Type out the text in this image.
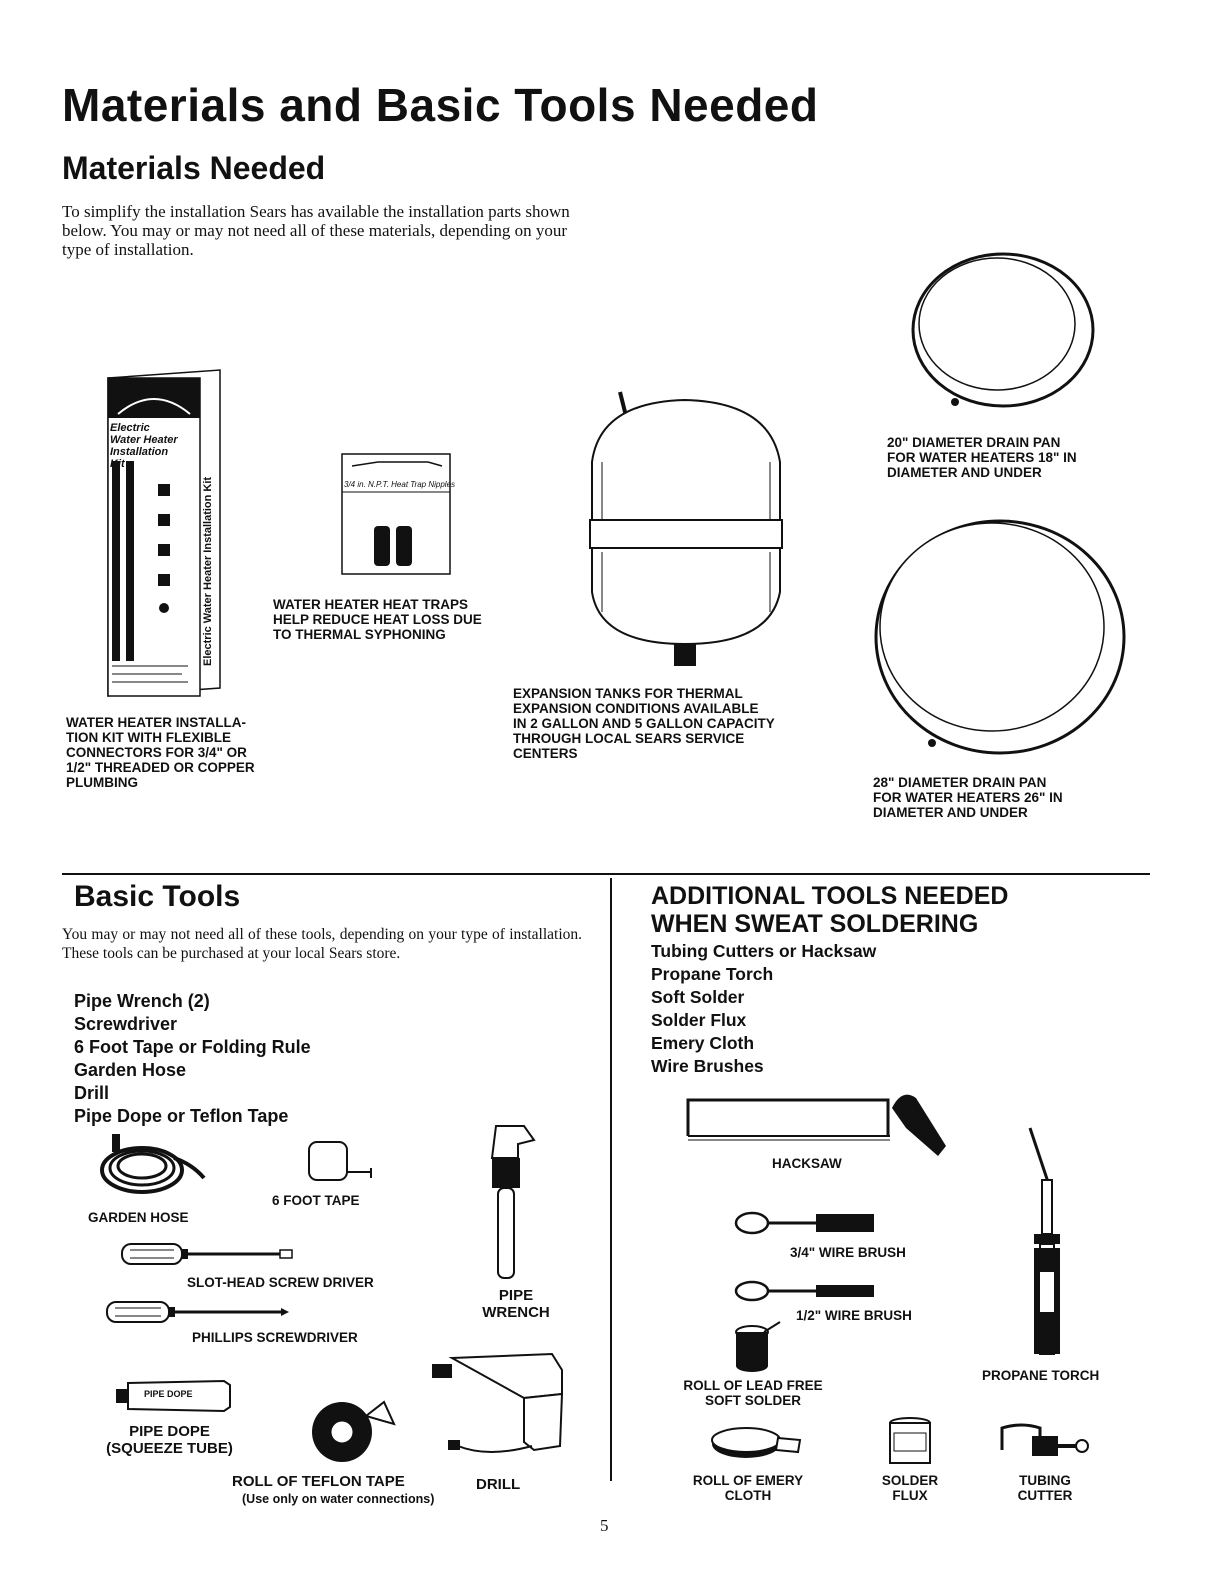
Materials and Basic Tools Needed
Materials Needed
To simplify the installation Sears has available the installation parts shown below. You may or may not need all of these materials, depending on your type of installation.
Electric
Water Heater
Installation
Kit
Electric Water Heater Installation Kit	3/4 in. N.P.T. Heat Trap Nipples
WATER HEATER INSTALLA-
TION KIT WITH FLEXIBLE
CONNECTORS FOR 3/4" OR
1/2" THREADED OR COPPER
PLUMBING
WATER HEATER HEAT TRAPS
HELP REDUCE HEAT LOSS DUE
TO THERMAL SYPHONING
EXPANSION TANKS FOR THERMAL
EXPANSION CONDITIONS AVAILABLE
IN 2 GALLON AND 5 GALLON CAPACITY
THROUGH LOCAL SEARS SERVICE
CENTERS
20" DIAMETER DRAIN PAN
FOR WATER HEATERS 18" IN
DIAMETER AND UNDER
28" DIAMETER DRAIN PAN
FOR WATER HEATERS 26" IN
DIAMETER AND UNDER
Basic Tools
You may or may not need all of these tools, depending on your type of installation. These tools can be purchased at your local Sears store.
Pipe Wrench (2)
Screwdriver
6 Foot Tape or Folding Rule
Garden Hose
Drill
Pipe Dope or Teflon Tape
GARDEN HOSE
6 FOOT TAPE
PIPE
WRENCH
SLOT-HEAD SCREW DRIVER
PHILLIPS SCREWDRIVER
PIPE DOPE
PIPE DOPE
(SQUEEZE TUBE)
ROLL OF TEFLON TAPE
(Use only on water connections)
DRILL
ADDITIONAL TOOLS NEEDED
WHEN SWEAT SOLDERING
Tubing Cutters or Hacksaw
Propane Torch
Soft Solder
Solder Flux
Emery Cloth
Wire Brushes
HACKSAW
3/4" WIRE BRUSH
1/2" WIRE BRUSH
ROLL OF LEAD FREE
SOFT SOLDER
PROPANE TORCH
ROLL OF EMERY
CLOTH
SOLDER
FLUX
TUBING
CUTTER
5
